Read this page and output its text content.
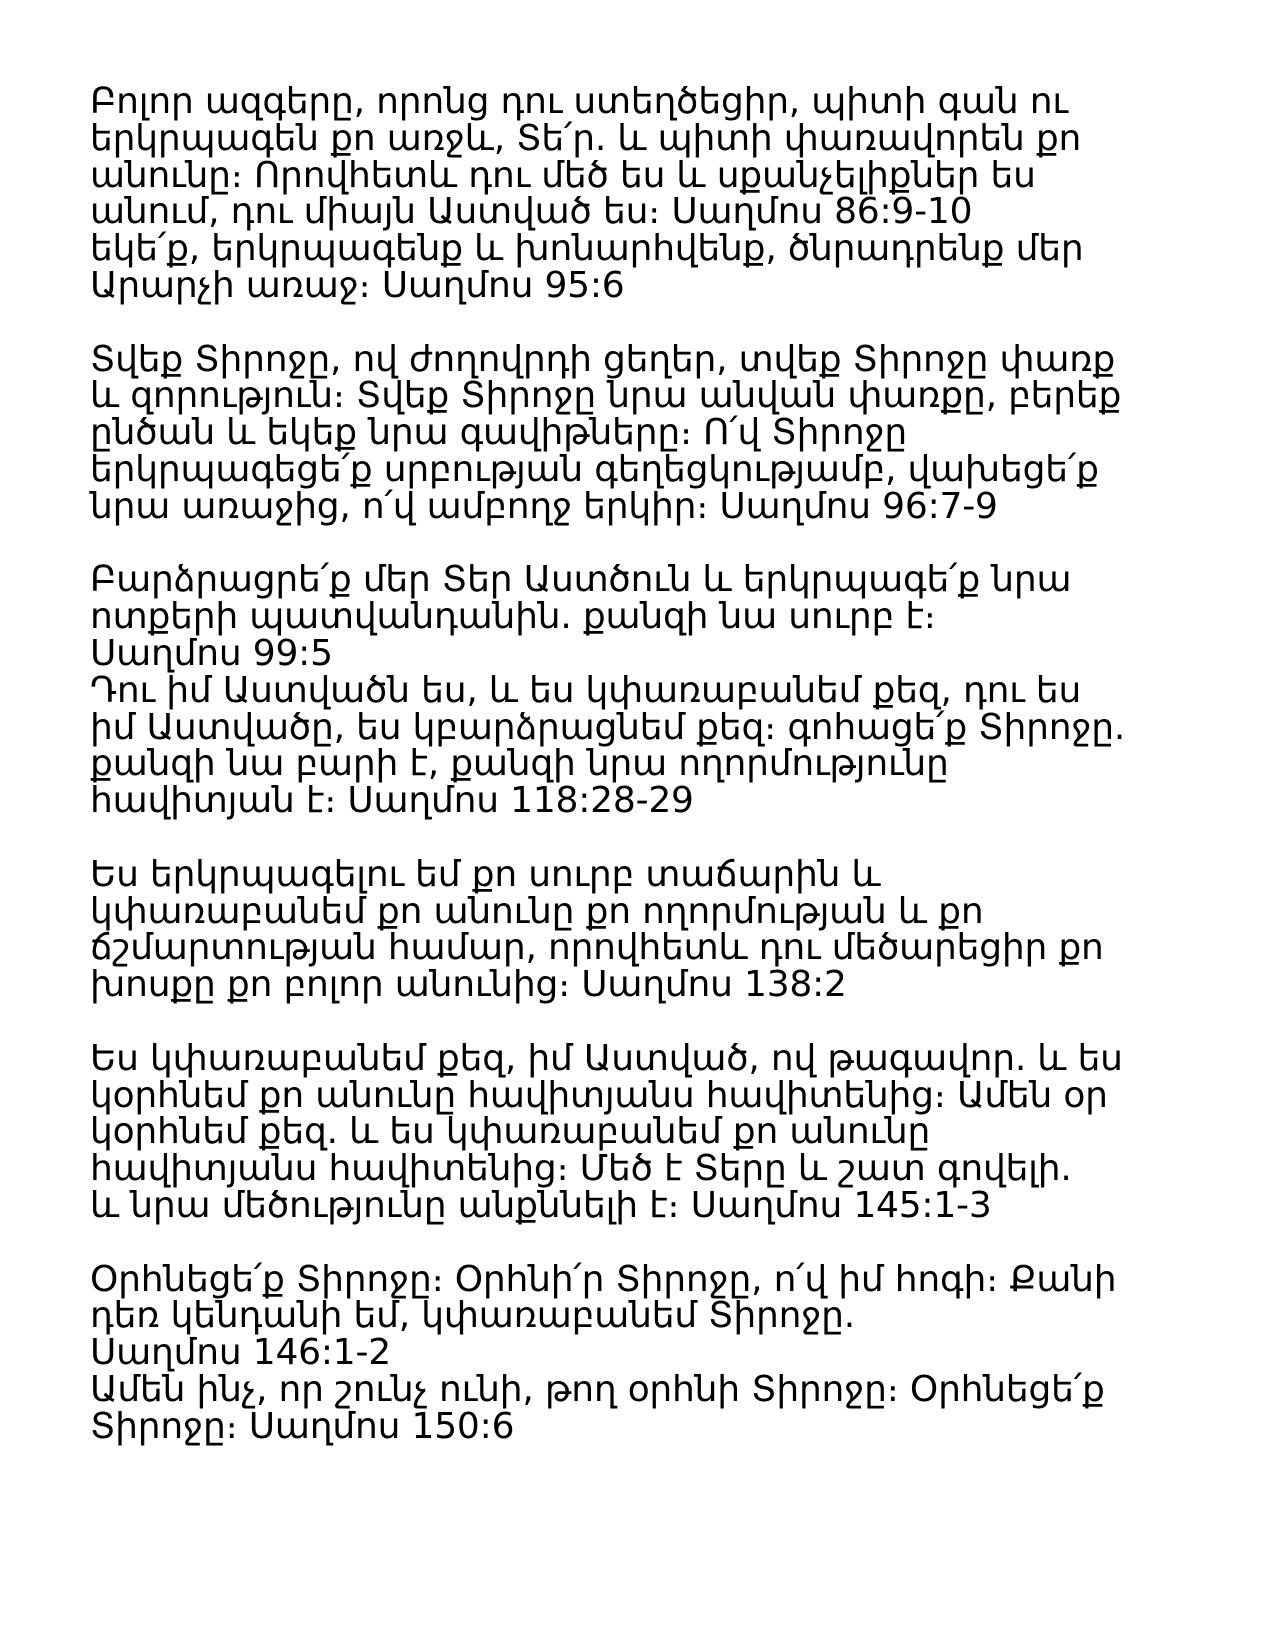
Բոլոր ազգերը, որոնց դու ստեղծեցիր, պիտի գան ու
երկրպագեն քո առջև, Տե՛ր. և պիտի փառավորեն քո
անունը։ Որովհետև դու մեծ ես և սքանչելիքներ ես
անում, դու միայն Աստված ես։ Սաղմոս 86:9-10
եկե՛ք, երկրպագենք և խոնարհվենք, ծնրադրենք մեր
Արարչի առաջ։ Սաղմոս 95:6
Տվեք Տիրոջը, ով ժողովրդի ցեղեր, տվեք Տիրոջը փառք
և զորություն։ Տվեք Տիրոջը նրա անվան փառքը, բերեք
ընծան և եկեք նրա գավիթները։ Ո՛վ Տիրոջը
երկրպագեցե՛ք սրբության գեղեցկությամբ, վախեցե՛ք
նրա առաջից, ո՛վ ամբողջ երկիր։ Սաղմոս 96:7-9
Բարձրացրե՛ք մեր Տեր Աստծուն և երկրպագե՛ք նրա
ոտքերի պատվանդանին. քանզի նա սուրբ է։
Սաղմոս 99:5
Դու իմ Աստվածն ես, և ես կփառաբանեմ քեզ, դու ես
իմ Աստվածը, ես կբարձրացնեմ քեզ։ գոհացե՛ք Տիրոջը.
քանզի նա բարի է, քանզի նրա ողորմությունը
հավիտյան է։ Սաղմոս 118:28-29
Ես երկրպագելու եմ քո սուրբ տաճարին և
կփառաբանեմ քո անունը քո ողորմության և քո
ճշմարտության համար, որովհետև դու մեծարեցիր քո
խոսքը քո բոլոր անունից։ Սաղմոս 138:2
Ես կփառաբանեմ քեզ, իմ Աստված, ով թագավոր. և ես
կօրհնեմ քո անունը հավիտյանս հավիտենից։ Ամեն օր
կօրհնեմ քեզ. և ես կփառաբանեմ քո անունը
հավիտյանս հավիտենից։ Մեծ է Տերը և շատ գովելի.
և նրա մեծությունը անքննելի է։ Սաղմոս 145:1-3
Օրհնեցե՛ք Տիրոջը։ Օրհնի՛ր Տիրոջը, ո՛վ իմ հոգի։ Քանի
դեռ կենդանի եմ, կփառաբանեմ Տիրոջը.
Սաղմոս 146:1-2
Ամեն ինչ, որ շունչ ունի, թող օրհնի Տիրոջը։ Օրհնեցե՛ք
Տիրոջը։ Սաղմոս 150:6
